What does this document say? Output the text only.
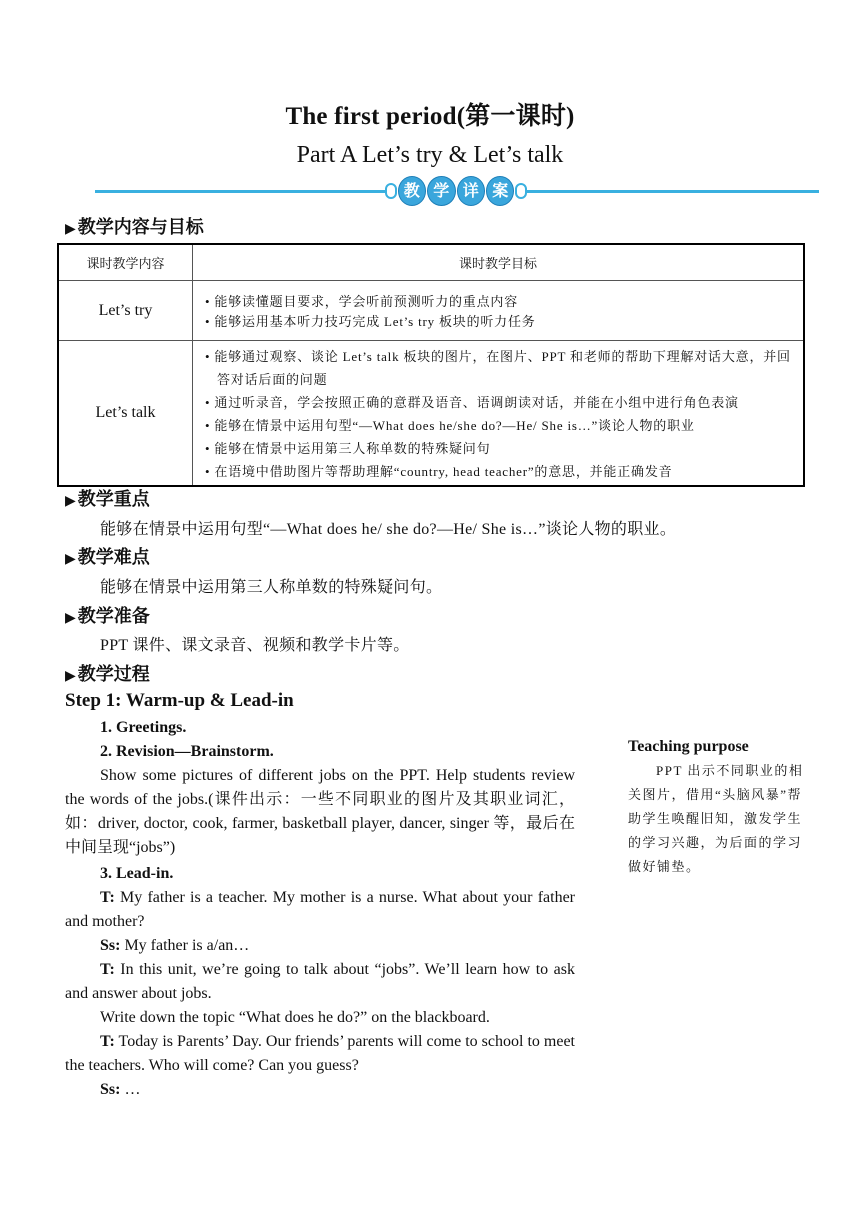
The first period(第一课时)
Part A Let’s try & Let’s talk
教 学 详 案
▶ 教学内容与目标
课时教学内容	课时教学目标
Let’s try	• 能够读懂题目要求，学会听前预测听力的重点内容
• 能够运用基本听力技巧完成 Let’s try 板块的听力任务

Let’s talk	• 能够通过观察、谈论 Let’s talk 板块的图片，在图片、PPT 和老师的帮助下理解对话大意，并回答对话后面的问题
• 通过听录音，学会按照正确的意群及语音、语调朗读对话，并能在小组中进行角色表演
• 能够在情景中运用句型“—What does he/she do?—He/ She is…”谈论人物的职业
• 能够在情景中运用第三人称单数的特殊疑问句
• 在语境中借助图片等帮助理解“country, head teacher”的意思，并能正确发音
▶ 教学重点
能够在情景中运用句型“—What does he/ she do?—He/ She is…”谈论人物的职业。
▶ 教学难点
能够在情景中运用第三人称单数的特殊疑问句。
▶ 教学准备
PPT 课件、课文录音、视频和教学卡片等。
▶ 教学过程
Step 1: Warm-up & Lead-in

1. Greetings.

2. Revision—Brainstorm.

Show some pictures of different jobs on the PPT. Help students review the words of the jobs.(课件出示：一些不同职业的图片及其职业词汇，如：driver, doctor, cook, farmer, basketball player, dancer, singer 等，最后在中间呈现“jobs”)

3. Lead-in.

T: My father is a teacher. My mother is a nurse. What about your father and mother?

Ss: My father is a/an…

T: In this unit, we’re going to talk about “jobs”. We’ll learn how to ask and answer about jobs.

Write down the topic “What does he do?” on the blackboard.

T: Today is Parents’ Day. Our friends’ parents will come to school to meet the teachers. Who will come? Can you guess?

Ss: …

Teaching purpose
PPT 出示不同职业的相关图片，借用“头脑风暴”帮助学生唤醒旧知，激发学生的学习兴趣，为后面的学习做好铺垫。
